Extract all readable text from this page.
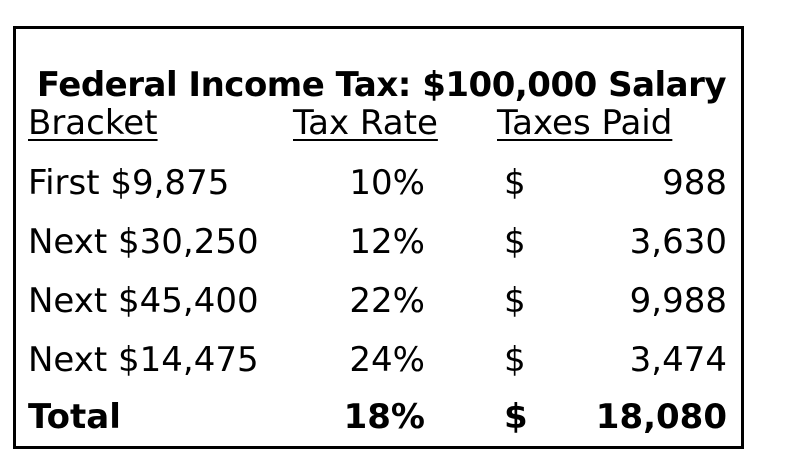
Federal Income Tax: $100,000 Salary
Bracket	Tax Rate Taxes Paid
First $9,875	10% $	988
Next $30,250	12% $	3,630
Next $45,400	22% $	9,988
Next $14,475	24% $	3,474
Total	18% $ 18,080
